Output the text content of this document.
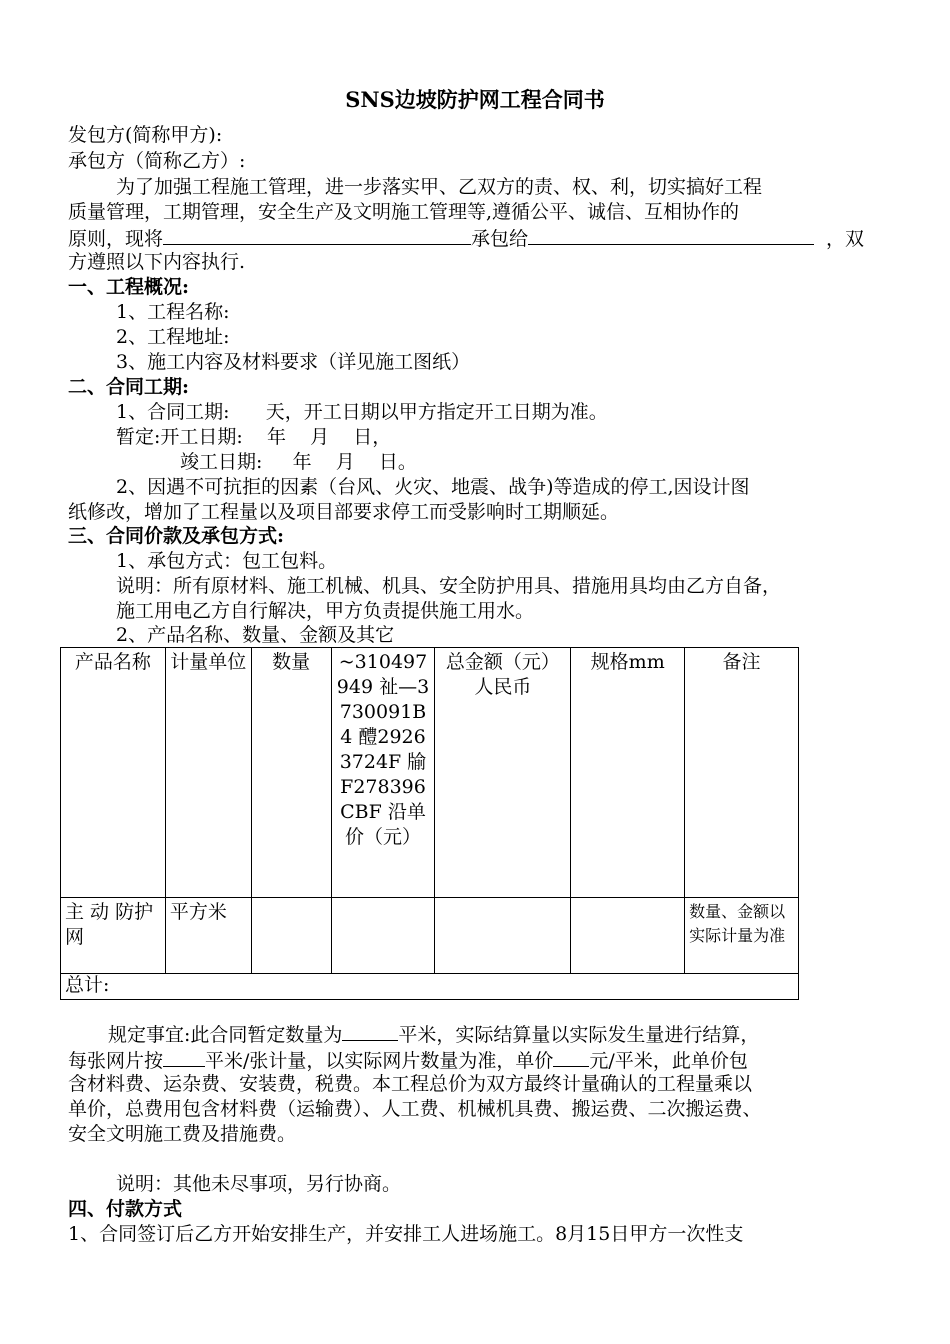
SNS边坡防护网工程合同书
发包方(简称甲方):
承包方（简称乙方）:
为了加强工程施工管理，进一步落实甲、乙双方的责、权、利，切实搞好工程
质量管理，工期管理，安全生产及文明施工管理等,遵循公平、诚信、互相协作的
原则，现将	承包给	，双
方遵照以下内容执行.
一、工程概况:
1、工程名称:
2、工程地址:
3、施工内容及材料要求（详见施工图纸）
二、合同工期:
1、合同工期:      天，开工日期以甲方指定开工日期为准。
暂定:开工日期:    年    月    日，
竣工日期:     年    月    日。
2、因遇不可抗拒的因素（台风、火灾、地震、战争)等造成的停工,因设计图
纸修改，增加了工程量以及项目部要求停工而受影响时工期顺延。
三、合同价款及承包方式:
1、承包方式：包工包料。
说明：所有原材料、施工机械、机具、安全防护用具、措施用具均由乙方自备，
施工用电乙方自行解决，甲方负责提供施工用水。
2、产品名称、数量、金额及其它
产品名称	计量单位	数量	~310497949 祉—3730091B4 醴29263724F 牏F278396CBF 沿单价（元）	总金额（元）人民币	规格mm	备注
主 动 防护网	平方米					数量、金额以实际计量为准
总计:						
规定事宜:此合同暂定数量为	平米，实际结算量以实际发生量进行结算，
每张网片按 平米/张计量，以实际网片数量为准，单价 元/平米，此单价包
含材料费、运杂费、安装费，税费。本工程总价为双方最终计量确认的工程量乘以
单价，总费用包含材料费（运输费）、人工费、机械机具费、搬运费、二次搬运费、
安全文明施工费及措施费。
说明：其他未尽事项，另行协商。
四、付款方式
1、合同签订后乙方开始安排生产，并安排工人进场施工。8月15日甲方一次性支
